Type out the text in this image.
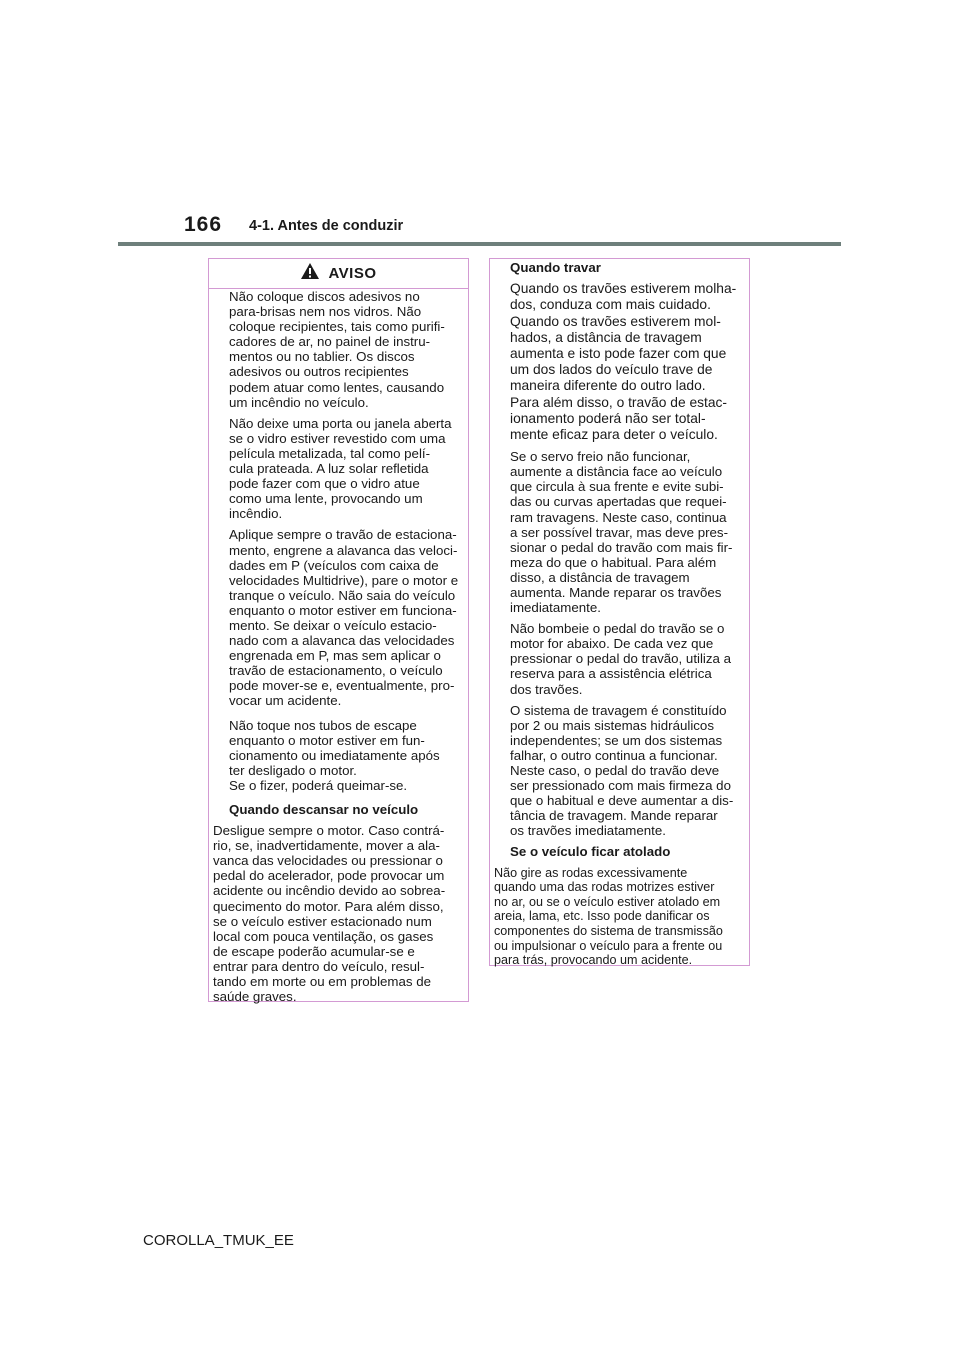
166 4-1. Antes de conduzir
AVISO
Não coloque discos adesivos no
para-brisas nem nos vidros. Não
coloque recipientes, tais como purifi-
cadores de ar, no painel de instru-
mentos ou no tablier. Os discos
adesivos ou outros recipientes
podem atuar como lentes, causando
um incêndio no veículo.
Não deixe uma porta ou janela aberta
se o vidro estiver revestido com uma
película metalizada, tal como pelí-
cula prateada. A luz solar refletida
pode fazer com que o vidro atue
como uma lente, provocando um
incêndio.
Aplique sempre o travão de estaciona-
mento, engrene a alavanca das veloci-
dades em P (veículos com caixa de
velocidades Multidrive), pare o motor e
tranque o veículo. Não saia do veículo
enquanto o motor estiver em funciona-
mento. Se deixar o veículo estacio-
nado com a alavanca das velocidades
engrenada em P, mas sem aplicar o
travão de estacionamento, o veículo
pode mover-se e, eventualmente, pro-
vocar um acidente.
Não toque nos tubos de escape
enquanto o motor estiver em fun-
cionamento ou imediatamente após
ter desligado o motor.
Se o fizer, poderá queimar-se.
Quando descansar no veículo
Desligue sempre o motor. Caso contrá-
rio, se, inadvertidamente, mover a ala-
vanca das velocidades ou pressionar o
pedal do acelerador, pode provocar um
acidente ou incêndio devido ao sobrea-
quecimento do motor. Para além disso,
se o veículo estiver estacionado num
local com pouca ventilação, os gases
de escape poderão acumular-se e
entrar para dentro do veículo, resul-
tando em morte ou em problemas de
saúde graves.
Quando travar
Quando os travões estiverem molha-
dos, conduza com mais cuidado.
Quando os travões estiverem mol-
hados, a distância de travagem
aumenta e isto pode fazer com que
um dos lados do veículo trave de
maneira diferente do outro lado.
Para além disso, o travão de estac-
ionamento poderá não ser total-
mente eficaz para deter o veículo.
Se o servo freio não funcionar,
aumente a distância face ao veículo
que circula à sua frente e evite subi-
das ou curvas apertadas que requei-
ram travagens. Neste caso, continua
a ser possível travar, mas deve pres-
sionar o pedal do travão com mais fir-
meza do que o habitual. Para além
disso, a distância de travagem
aumenta. Mande reparar os travões
imediatamente.
Não bombeie o pedal do travão se o
motor for abaixo. De cada vez que
pressionar o pedal do travão, utiliza a
reserva para a assistência elétrica
dos travões.
O sistema de travagem é constituído
por 2 ou mais sistemas hidráulicos
independentes; se um dos sistemas
falhar, o outro continua a funcionar.
Neste caso, o pedal do travão deve
ser pressionado com mais firmeza do
que o habitual e deve aumentar a dis-
tância de travagem. Mande reparar
os travões imediatamente.
Se o veículo ficar atolado
Não gire as rodas excessivamente
quando uma das rodas motrizes estiver
no ar, ou se o veículo estiver atolado em
areia, lama, etc. Isso pode danificar os
componentes do sistema de transmissão
ou impulsionar o veículo para a frente ou
para trás, provocando um acidente.
COROLLA_TMUK_EE
